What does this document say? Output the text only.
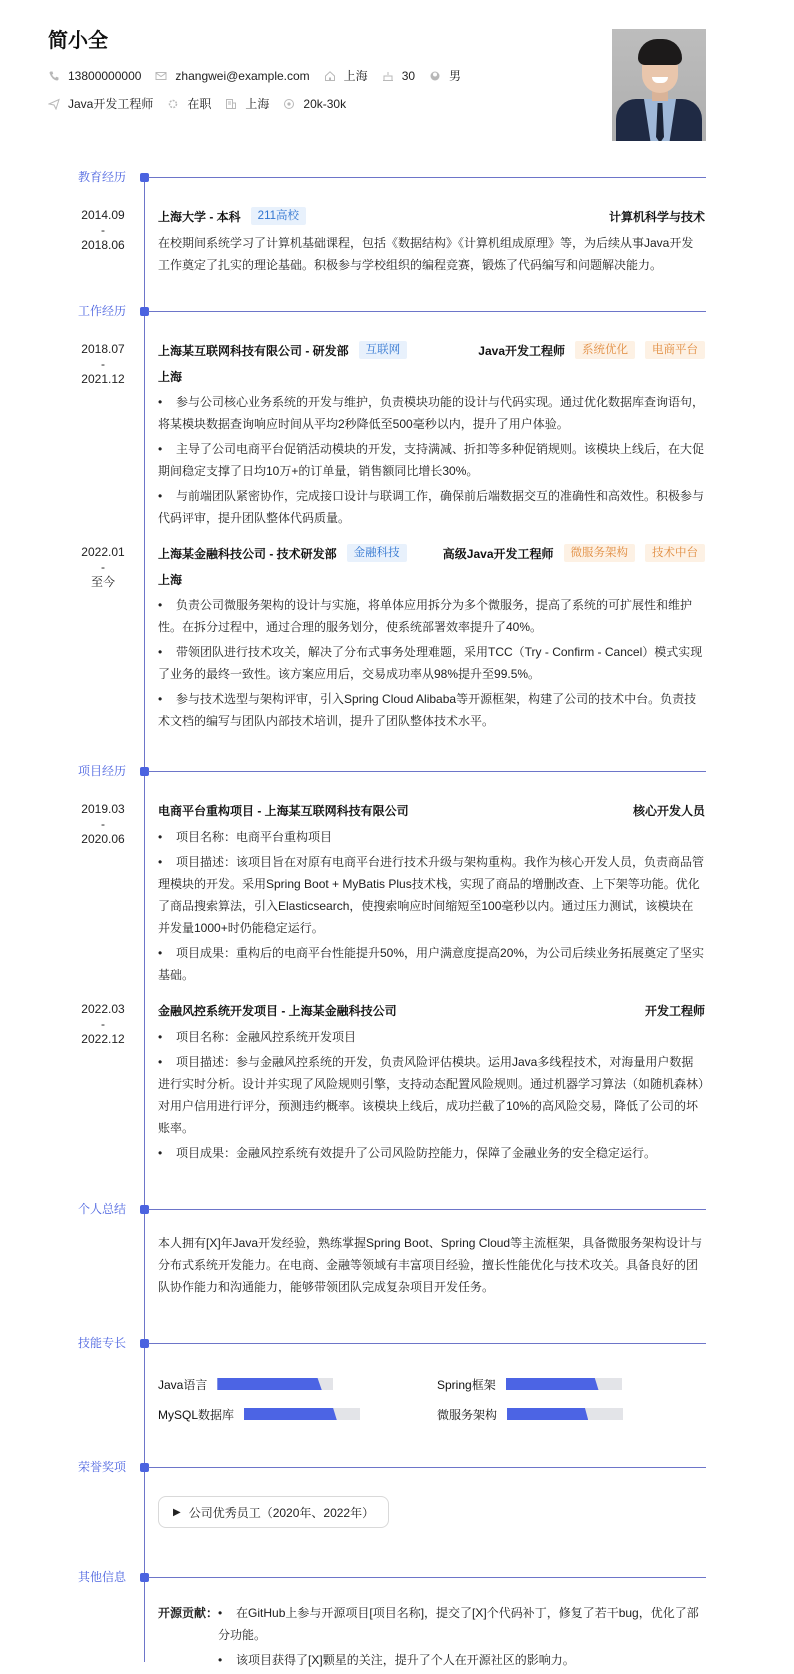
简小全
13800000000	zhangwei@example.com	上海	30	男
Java开发工程师	在职	上海	20k-30k
教育经历
2014.09
-
2018.06
上海大学 - 本科	211高校	计算机科学与技术
在校期间系统学习了计算机基础课程，包括《数据结构》《计算机组成原理》等，为后续从事Java开发工作奠定了扎实的理论基础。积极参与学校组织的编程竞赛，锻炼了代码编写和问题解决能力。
工作经历
2018.07
-
2021.12
上海某互联网科技有限公司 - 研发部	互联网	Java开发工程师	系统优化	电商平台
上海
• 参与公司核心业务系统的开发与维护，负责模块功能的设计与代码实现。通过优化数据库查询语句，将某模块数据查询响应时间从平均2秒降低至500毫秒以内，提升了用户体验。
• 主导了公司电商平台促销活动模块的开发，支持满减、折扣等多种促销规则。该模块上线后，在大促期间稳定支撑了日均10万+的订单量，销售额同比增长30%。
• 与前端团队紧密协作，完成接口设计与联调工作，确保前后端数据交互的准确性和高效性。积极参与代码评审，提升团队整体代码质量。
2022.01
-
至今
上海某金融科技公司 - 技术研发部	金融科技	高级Java开发工程师	微服务架构	技术中台
上海
• 负责公司微服务架构的设计与实施，将单体应用拆分为多个微服务，提高了系统的可扩展性和维护性。在拆分过程中，通过合理的服务划分，使系统部署效率提升了40%。
• 带领团队进行技术攻关，解决了分布式事务处理难题，采用TCC（Try - Confirm - Cancel）模式实现了业务的最终一致性。该方案应用后，交易成功率从98%提升至99.5%。
• 参与技术选型与架构评审，引入Spring Cloud Alibaba等开源框架，构建了公司的技术中台。负责技术文档的编写与团队内部技术培训，提升了团队整体技术水平。
项目经历
2019.03
-
2020.06
电商平台重构项目 - 上海某互联网科技有限公司	核心开发人员
• 项目名称：电商平台重构项目
• 项目描述：该项目旨在对原有电商平台进行技术升级与架构重构。我作为核心开发人员，负责商品管理模块的开发。采用Spring Boot + MyBatis Plus技术栈，实现了商品的增删改查、上下架等功能。优化了商品搜索算法，引入Elasticsearch，使搜索响应时间缩短至100毫秒以内。通过压力测试，该模块在并发量1000+时仍能稳定运行。
• 项目成果：重构后的电商平台性能提升50%，用户满意度提高20%，为公司后续业务拓展奠定了坚实基础。
2022.03
-
2022.12
金融风控系统开发项目 - 上海某金融科技公司	开发工程师
• 项目名称：金融风控系统开发项目
• 项目描述：参与金融风控系统的开发，负责风险评估模块。运用Java多线程技术，对海量用户数据进行实时分析。设计并实现了风险规则引擎，支持动态配置风险规则。通过机器学习算法（如随机森林）对用户信用进行评分，预测违约概率。该模块上线后，成功拦截了10%的高风险交易，降低了公司的坏账率。
• 项目成果：金融风控系统有效提升了公司风险防控能力，保障了金融业务的安全稳定运行。
个人总结
本人拥有[X]年Java开发经验，熟练掌握Spring Boot、Spring Cloud等主流框架，具备微服务架构设计与分布式系统开发能力。在电商、金融等领域有丰富项目经验，擅长性能优化与技术攻关。具备良好的团队协作能力和沟通能力，能够带领团队完成复杂项目开发任务。
技能专长
Java语言	Spring框架
MySQL数据库	微服务架构
荣誉奖项
▶ 公司优秀员工（2020年、2022年）
其他信息
开源贡献： • 在GitHub上参与开源项目[项目名称]，提交了[X]个代码补丁，修复了若干bug，优化了部分功能。
• 该项目获得了[X]颗星的关注，提升了个人在开源社区的影响力。
